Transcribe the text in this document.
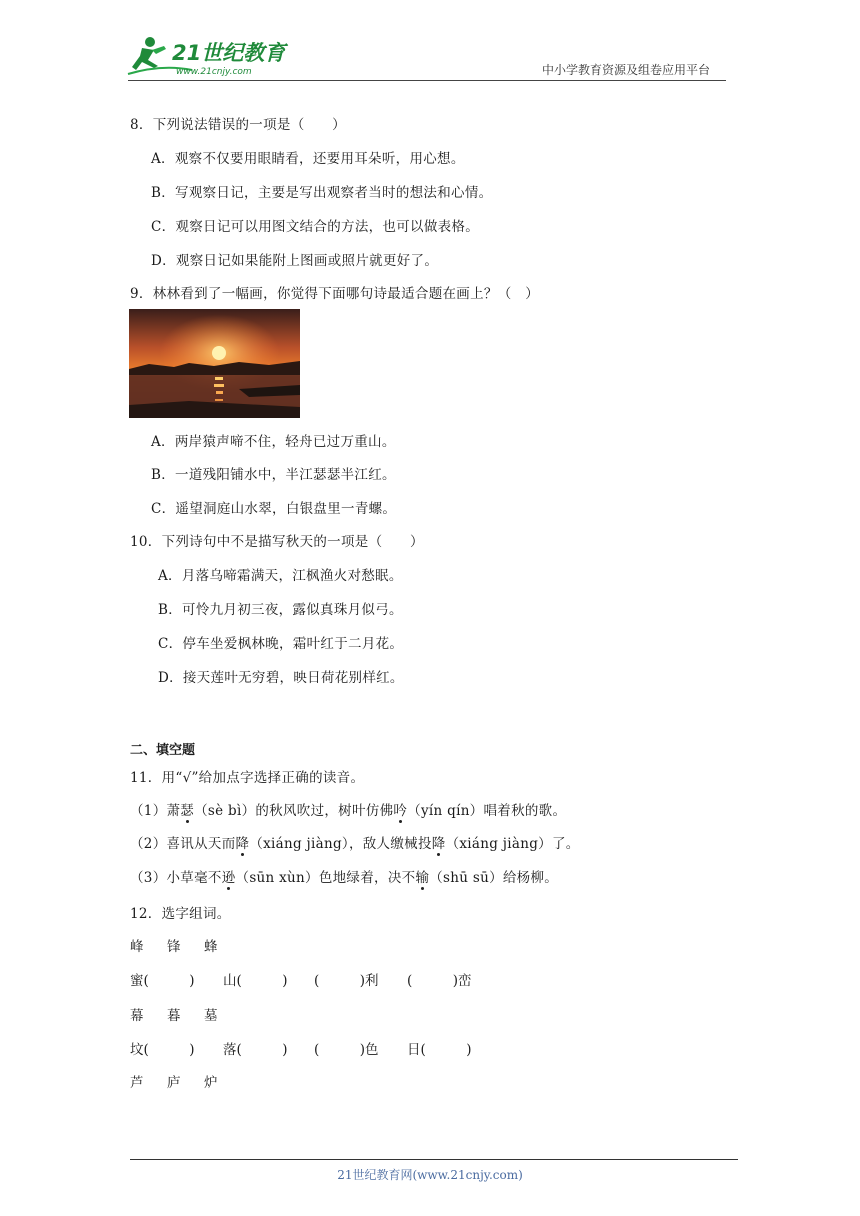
21世纪教育
www.21cnjy.com	中小学教育资源及组卷应用平台
8．下列说法错误的一项是（　　）
A．观察不仅要用眼睛看，还要用耳朵听，用心想。
B．写观察日记，主要是写出观察者当时的想法和心情。
C．观察日记可以用图文结合的方法，也可以做表格。
D．观察日记如果能附上图画或照片就更好了。
9．林林看到了一幅画，你觉得下面哪句诗最适合题在画上？（　）
A．两岸猿声啼不住，轻舟已过万重山。
B．一道残阳铺水中，半江瑟瑟半江红。
C．遥望洞庭山水翠，白银盘里一青螺。
10．下列诗句中不是描写秋天的一项是（　　）
A．月落乌啼霜满天，江枫渔火对愁眠。
B．可怜九月初三夜，露似真珠月似弓。
C．停车坐爱枫林晚，霜叶红于二月花。
D．接天莲叶无穷碧，映日荷花别样红。
二、填空题
11．用“√”给加点字选择正确的读音。
（1）萧瑟（sè bì）的秋风吹过，树叶仿佛吟（yín qín）唱着秋的歌。
（2）喜讯从天而降（xiáng jiàng），敌人缴械投降（xiáng jiàng）了。
（3）小草毫不逊（sūn xùn）色地绿着，决不输（shū sū）给杨柳。
12．选字组词。
峰 锋 蜂
蜜(　　　) 山(　　　) (　　　)利 (　　　)峦
幕 暮 墓
坟(　　　) 落(　　　) (　　　)色 日(　　　)
芦 庐 炉
21世纪教育网(www.21cnjy.com)
